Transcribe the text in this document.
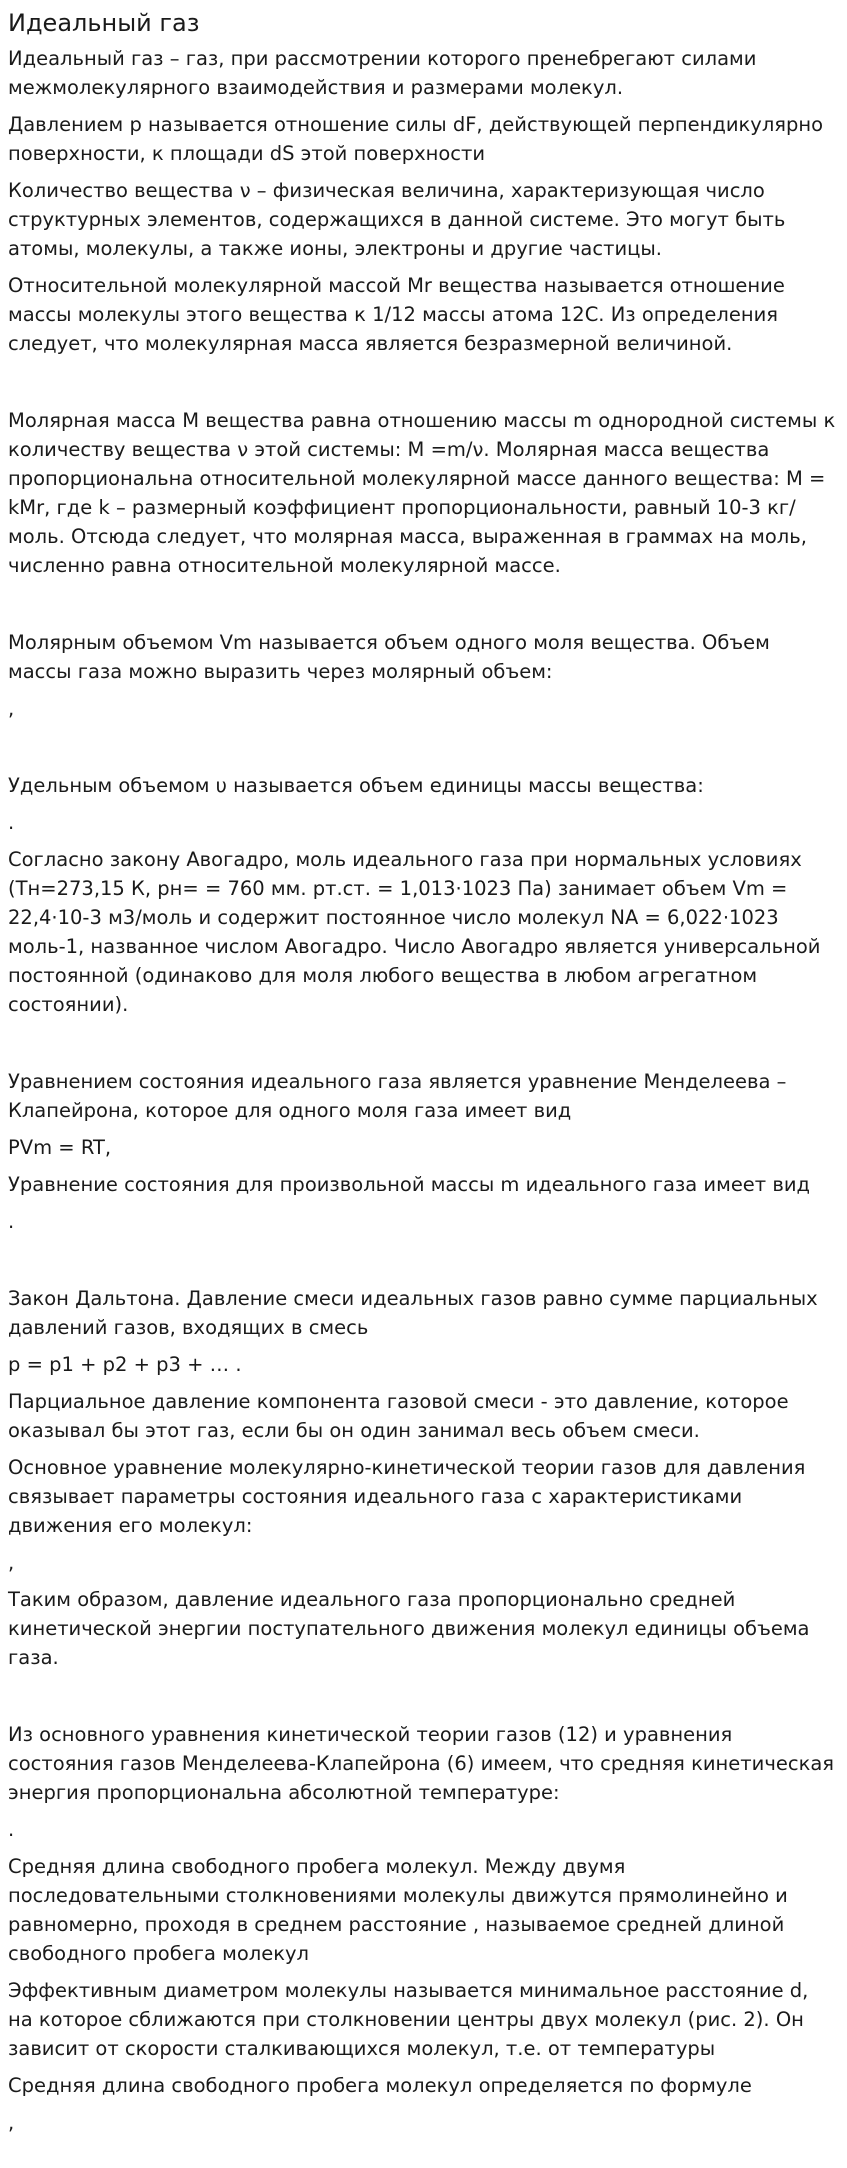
Идеальный газ

Идеальный газ – газ, при рассмотрении которого пренебрегают силами межмолекулярного взаимодействия и размерами молекул.

Давлением р называется отношение силы dF, действующей перпендикулярно поверхности, к площади dS этой поверхности

Количество вещества ν – физическая величина, характеризующая число структурных элементов, содержащихся в данной системе. Это могут быть атомы, молекулы, а также ионы, электроны и другие частицы.

Относительной молекулярной массой Mr вещества называется отношение массы молекулы этого вещества к 1/12 массы атома 12С. Из определения следует, что молекулярная масса является безразмерной величиной.

Молярная масса М вещества равна отношению массы m однородной системы к количеству вещества ν этой системы: M =m/ν. Молярная масса вещества пропорциональна относительной молекулярной массе данного вещества: М = kMr, где k – размерный коэффициент пропорциональности, равный 10-3 кг/моль. Отсюда следует, что молярная масса, выраженная в граммах на моль, численно равна относительной молекулярной массе.

Молярным объемом Vm называется объем одного моля вещества. Объем массы газа можно выразить через молярный объем:

,

Удельным объемом υ называется объем единицы массы вещества:

.

Согласно закону Авогадро, моль идеального газа при нормальных условиях (Тн=273,15 К, рн= = 760 мм. рт.ст. = 1,013·1023 Па) занимает объем Vm = 22,4·10-3 м3/моль и содержит постоянное число молекул NA = 6,022·1023 моль-1, названное числом Авогадро. Число Авогадро является универсальной постоянной (одинаково для моля любого вещества в любом агрегатном состоянии).

Уравнением состояния идеального газа является уравнение Менделеева – Клапейрона, которое для одного моля газа имеет вид

PVm = RT,

Уравнение состояния для произвольной массы m идеального газа имеет вид

.

Закон Дальтона. Давление смеси идеальных газов равно сумме парциальных давлений газов, входящих в смесь

p = p1 + p2 + p3 + … .

Парциальное давление компонента газовой смеси - это давление, которое оказывал бы этот газ, если бы он один занимал весь объем смеси.

Основное уравнение молекулярно-кинетической теории газов для давления связывает параметры состояния идеального газа с характеристиками движения его молекул:

,

Таким образом, давление идеального газа пропорционально средней кинетической энергии поступательного движения молекул единицы объема газа.

Из основного уравнения кинетической теории газов (12) и уравнения состояния газов Менделеева-Клапейрона (6) имеем, что средняя кинетическая энергия пропорциональна абсолютной температуре:

.

Средняя длина свободного пробега молекул. Между двумя последовательными столкновениями молекулы движутся прямолинейно и равномерно, проходя в среднем расстояние , называемое средней длиной свободного пробега молекул

Эффективным диаметром молекулы называется минимальное расстояние d, на которое сближаются при столкновении центры двух молекул (рис. 2). Он зависит от скорости сталкивающихся молекул, т.е. от температуры

Средняя длина свободного пробега молекул определяется по формуле

,
